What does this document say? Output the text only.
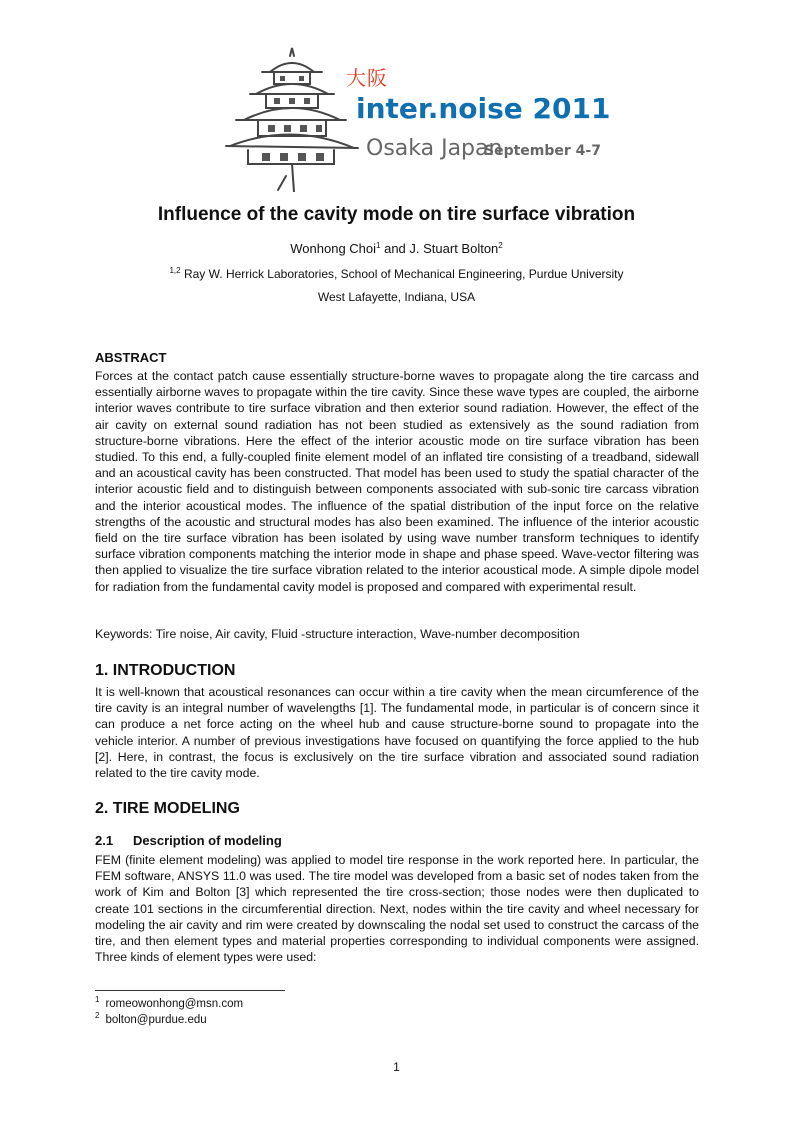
大阪
inter.noise 2011
Osaka Japan
September 4-7
Influence of the cavity mode on tire surface vibration
Wonhong Choi$^1$ and J. Stuart Bolton$^2$
$^{1,2}$ Ray W. Herrick Laboratories, School of Mechanical Engineering, Purdue University
West Lafayette, Indiana, USA
ABSTRACT

Forces at the contact patch cause essentially structure-borne waves to propagate along the tire carcass and essentially airborne waves to propagate within the tire cavity. Since these wave types are coupled, the airborne interior waves contribute to tire surface vibration and then exterior sound radiation. However, the effect of the air cavity on external sound radiation has not been studied as extensively as the sound radiation from structure-borne vibrations. Here the effect of the interior acoustic mode on tire surface vibration has been studied. To this end, a fully-coupled finite element model of an inflated tire consisting of a treadband, sidewall and an acoustical cavity has been constructed. That model has been used to study the spatial character of the interior acoustic field and to distinguish between components associated with sub-sonic tire carcass vibration and the interior acoustical modes. The influence of the spatial distribution of the input force on the relative strengths of the acoustic and structural modes has also been examined. The influence of the interior acoustic field on the tire surface vibration has been isolated by using wave number transform techniques to identify surface vibration components matching the interior mode in shape and phase speed. Wave-vector filtering was then applied to visualize the tire surface vibration related to the interior acoustical mode. A simple dipole model for radiation from the fundamental cavity model is proposed and compared with experimental result.

Keywords: Tire noise, Air cavity, Fluid -structure interaction, Wave-number decomposition
1. INTRODUCTION

It is well-known that acoustical resonances can occur within a tire cavity when the mean circumference of the tire cavity is an integral number of wavelengths [1]. The fundamental mode, in particular is of concern since it can produce a net force acting on the wheel hub and cause structure-borne sound to propagate into the vehicle interior. A number of previous investigations have focused on quantifying the force applied to the hub [2]. Here, in contrast, the focus is exclusively on the tire surface vibration and associated sound radiation related to the tire cavity mode.

2. TIRE MODELING
2.1 Description of modeling

FEM (finite element modeling) was applied to model tire response in the work reported here. In particular, the FEM software, ANSYS 11.0 was used. The tire model was developed from a basic set of nodes taken from the work of Kim and Bolton [3] which represented the tire cross-section; those nodes were then duplicated to create 101 sections in the circumferential direction. Next, nodes within the tire cavity and wheel necessary for modeling the air cavity and rim were created by downscaling the nodal set used to construct the carcass of the tire, and then element types and material properties corresponding to individual components were assigned. Three kinds of element types were used:

$^1$ romeowonhong@msn.com
$^2$ bolton@purdue.edu
1
